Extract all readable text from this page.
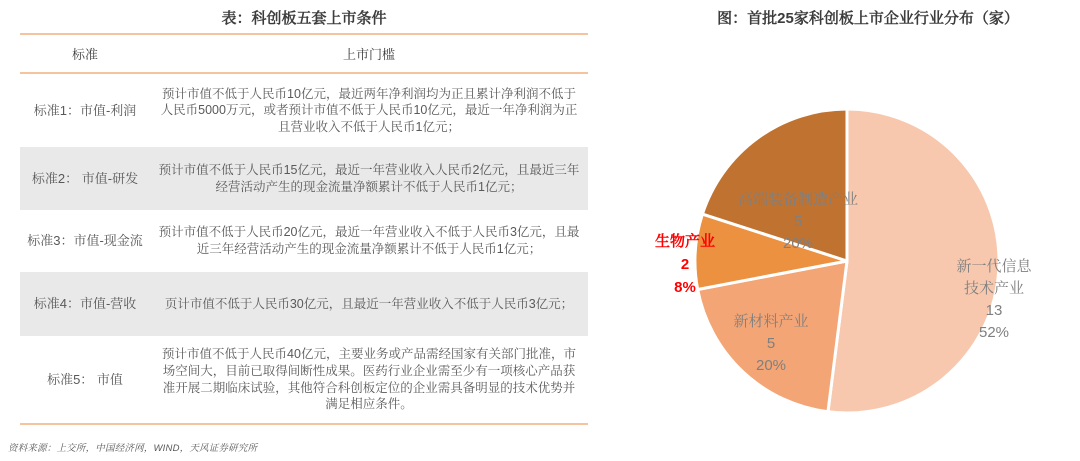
表：科创板五套上市条件
标准	上市门槛
标准1：市值-利润
预计市值不低于人民币10亿元，最近两年净利润均为正且累计净利润不低于人民币5000万元，或者预计市值不低于人民币10亿元，最近一年净利润为正且营业收入不低于人民币1亿元；
标准2： 市值-研发
预计市值不低于人民币15亿元，最近一年营业收入人民币2亿元，且最近三年经营活动产生的现金流量净额累计不低于人民币1亿元；
标准3：市值-现金流
预计市值不低于人民币20亿元，最近一年营业收入不低于人民币3亿元，且最近三年经营活动产生的现金流量净额累计不低于人民币1亿元；
标准4：市值-营收	页计市值不低于人民币30亿元，且最近一年营业收入不低于人民币3亿元；
标准5： 市值
预计市值不低于人民币40亿元，主要业务或产品需经国家有关部门批准，市场空间大，目前已取得间断性成果。医药行业企业需至少有一项核心产品获准开展二期临床试验，其他符合科创板定位的企业需具备明显的技术优势并满足相应条件。
资料来源：上交所，中国经济网，WIND，天风证券研究所
图：首批25家科创板上市企业行业分布（家）
新一代信息
技术产业
13
52%
新材料产业
5
20%
生物产业
2
8%
高端装备制造产业
5
20%
